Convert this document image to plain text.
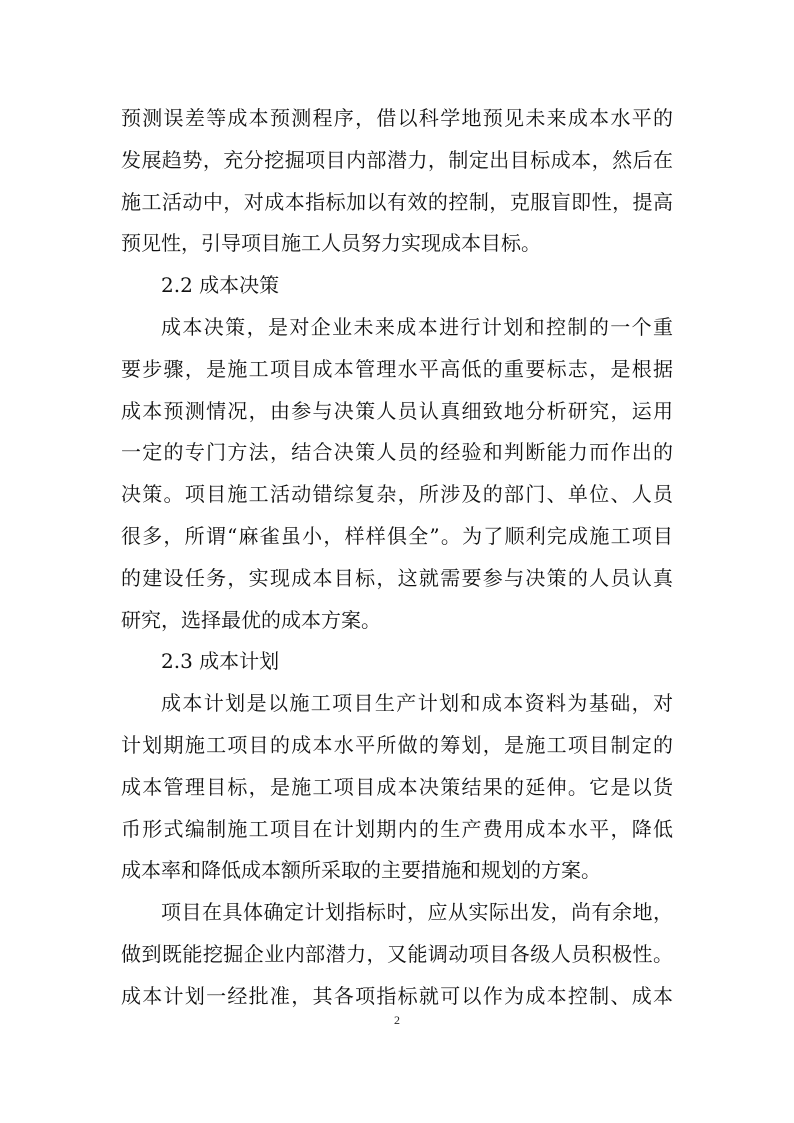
预测误差等成本预测程序，借以科学地预见未来成本水平的
发展趋势，充分挖掘项目内部潜力，制定出目标成本，然后在
施工活动中，对成本指标加以有效的控制，克服盲即性，提高
预见性，引导项目施工人员努力实现成本目标。
2.2 成本决策
成本决策，是对企业未来成本进行计划和控制的一个重
要步骤，是施工项目成本管理水平高低的重要标志，是根据
成本预测情况，由参与决策人员认真细致地分析研究，运用
一定的专门方法，结合决策人员的经验和判断能力而作出的
决策。项目施工活动错综复杂，所涉及的部门、单位、人员
很多，所谓“麻雀虽小，样样俱全”。为了顺利完成施工项目
的建设任务，实现成本目标，这就需要参与决策的人员认真
研究，选择最优的成本方案。
2.3 成本计划
成本计划是以施工项目生产计划和成本资料为基础，对
计划期施工项目的成本水平所做的筹划，是施工项目制定的
成本管理目标，是施工项目成本决策结果的延伸。它是以货
币形式编制施工项目在计划期内的生产费用成本水平，降低
成本率和降低成本额所采取的主要措施和规划的方案。
项目在具体确定计划指标时，应从实际出发，尚有余地，
做到既能挖掘企业内部潜力，又能调动项目各级人员积极性。
成本计划一经批准，其各项指标就可以作为成本控制、成本
2
